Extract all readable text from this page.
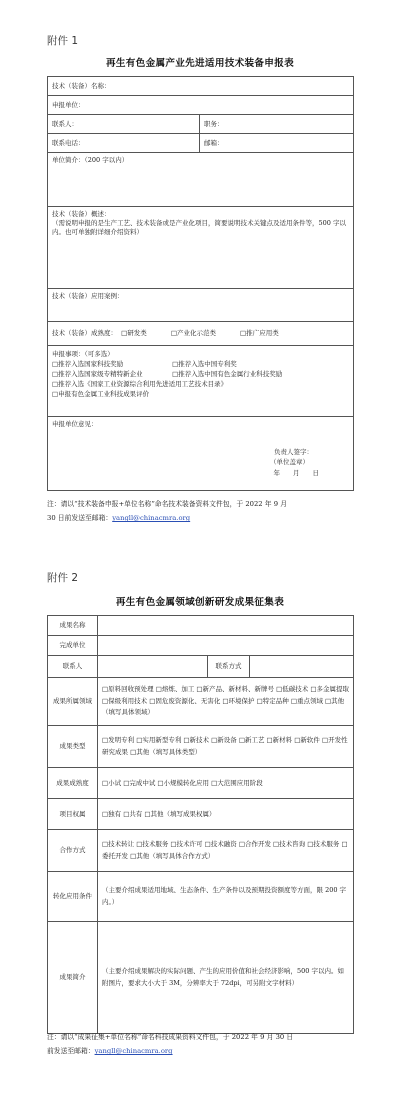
附件 1
再生有色金属产业先进适用技术装备申报表
技术（装备）名称：	
申报单位：	
联系人：	职务：
联系电话：	邮箱：
单位简介：（200 字以内）	

技术（装备）概述：
（需说明申报的是生产工艺、技术装备或是产业化项目，简要说明技术关键点及适用条件等，500 字以内。也可单独附详细介绍资料）	

技术（装备）应用案例：	
技术（装备）成熟度： □研发类 □产业化示范类 □推广应用类	

申报事项：（可多选）
□推荐入选国家科技奖励 □推荐入选中国专利奖
□推荐入选国家级专精特新企业 □推荐入选中国有色金属行业科技奖励
□推荐入选《国家工业资源综合利用先进适用工艺技术目录》
□申报有色金属工业科技成果评价	

申报单位意见：
负责人签字：
（单位盖章）
年　　月　　日	
注：请以“技术装备申报+单位名称”命名技术装备资料文件包，于 2022 年 9 月
30 日前发送至邮箱：yangll@chinacmra.org
附件 2
再生有色金属领域创新研发成果征集表
成果名称			
完成单位			
联系人		联系方式	
成果所属领域	□原料回收预处理 □熔炼、加工 □新产品、新材料、新牌号 □低碳技术 □多金属提取 □保级利用技术 □固危废资源化、无害化 □环境保护 □特定品种 □重点领域 □其他（填写具体领域）		
成果类型	□发明专利 □实用新型专利 □新技术 □新设备 □新工艺 □新材料 □新软件 □开发性研究成果 □其他（填写具体类型）		
成果成熟度	□小试 □完成中试 □小规模转化应用 □大范围应用阶段		
项目权属	□独有 □共有 □其他（填写成果权属）		
合作方式	□技术转让 □技术服务 □技术许可 □技术融资 □合作开发 □技术咨询 □技术服务 □委托开发 □其他（填写具体合作方式）		
转化应用条件	（主要介绍成果适用地域、生态条件、生产条件以及预期投资额度等方面，限 200 字内。）		
成果简介	（主要介绍成果解决的实际问题、产生的应用价值和社会经济影响，500 字以内。如附图片，要求大小大于 3M，分辨率大于 72dpi，可另附文字材料）		
注：请以“成果征集+单位名称”命名科技成果资料文件包，于 2022 年 9 月 30 日
前发送至邮箱：yangll@chinacmra.org
